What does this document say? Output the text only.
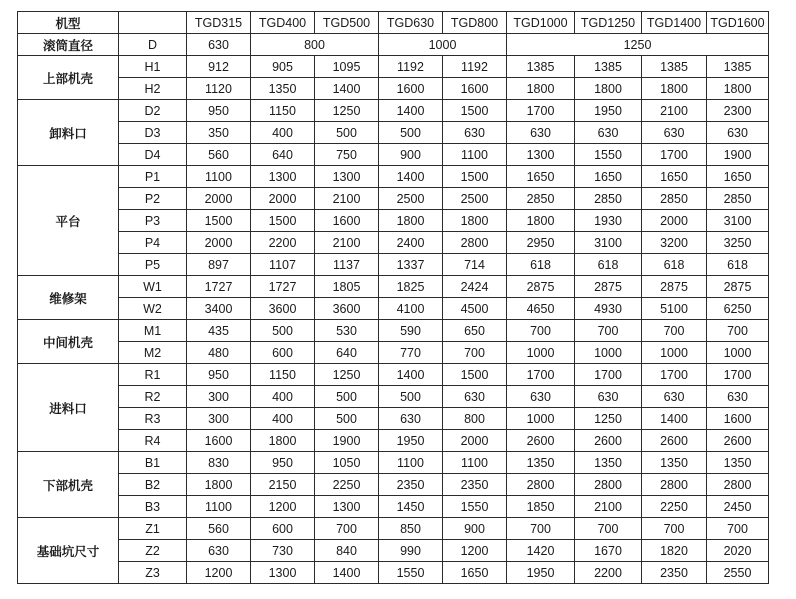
机型		TGD315	TGD400	TGD500	TGD630	TGD800	TGD1000	TGD1250	TGD1400	TGD1600
滚筒直径	D	630	800		1000		1250			
上部机壳	H1	912	905	1095	1192	1192	1385	1385	1385	1385
	H2	1120	1350	1400	1600	1600	1800	1800	1800	1800
卸料口	D2	950	1150	1250	1400	1500	1700	1950	2100	2300
	D3	350	400	500	500	630	630	630	630	630
	D4	560	640	750	900	1100	1300	1550	1700	1900
平台	P1	1100	1300	1300	1400	1500	1650	1650	1650	1650
	P2	2000	2000	2100	2500	2500	2850	2850	2850	2850
	P3	1500	1500	1600	1800	1800	1800	1930	2000	3100
	P4	2000	2200	2100	2400	2800	2950	3100	3200	3250
	P5	897	1107	1137	1337	714	618	618	618	618
维修架	W1	1727	1727	1805	1825	2424	2875	2875	2875	2875
	W2	3400	3600	3600	4100	4500	4650	4930	5100	6250
中间机壳	M1	435	500	530	590	650	700	700	700	700
	M2	480	600	640	770	700	1000	1000	1000	1000
进料口	R1	950	1150	1250	1400	1500	1700	1700	1700	1700
	R2	300	400	500	500	630	630	630	630	630
	R3	300	400	500	630	800	1000	1250	1400	1600
	R4	1600	1800	1900	1950	2000	2600	2600	2600	2600
下部机壳	B1	830	950	1050	1100	1100	1350	1350	1350	1350
	B2	1800	2150	2250	2350	2350	2800	2800	2800	2800
	B3	1100	1200	1300	1450	1550	1850	2100	2250	2450
基础坑尺寸	Z1	560	600	700	850	900	700	700	700	700
	Z2	630	730	840	990	1200	1420	1670	1820	2020
	Z3	1200	1300	1400	1550	1650	1950	2200	2350	2550
